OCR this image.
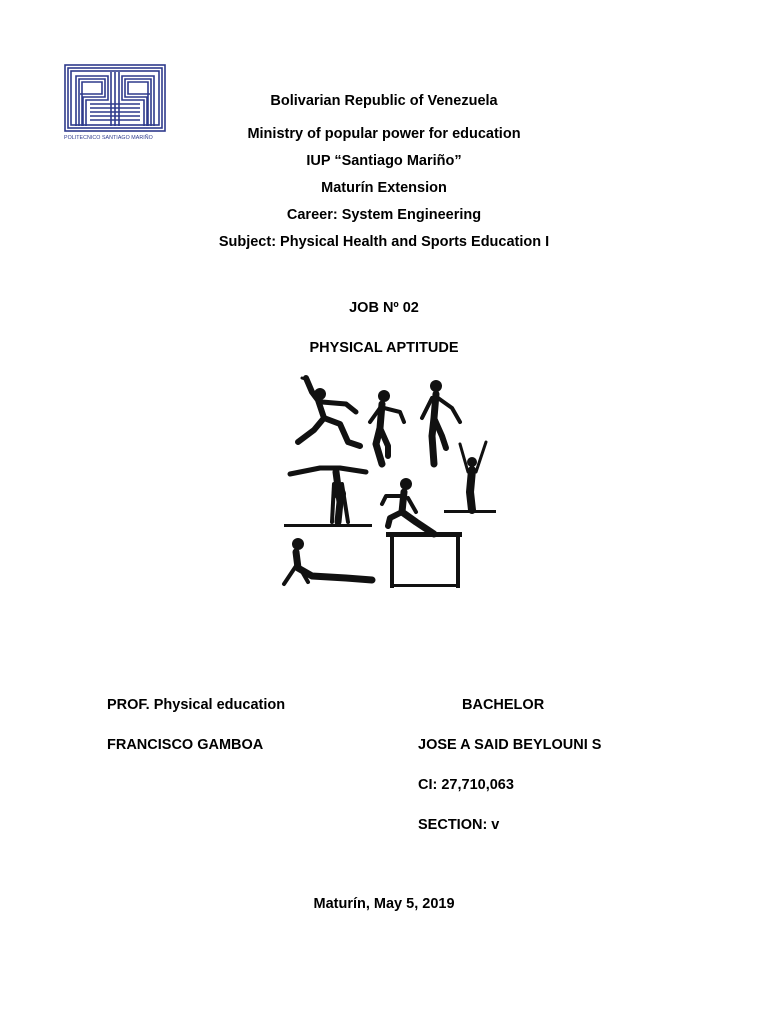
POLITECNICO SANTIAGO MARIÑO
Bolivarian Republic of Venezuela
Ministry of popular power for education
IUP “Santiago Mariño”
Maturín Extension
Career: System Engineering
Subject: Physical Health and Sports Education I
JOB Nº 02
PHYSICAL APTITUDE
PROF. Physical education
FRANCISCO GAMBOA
BACHELOR
JOSE A SAID BEYLOUNI S
CI: 27,710,063
SECTION: v
Maturín, May 5, 2019
